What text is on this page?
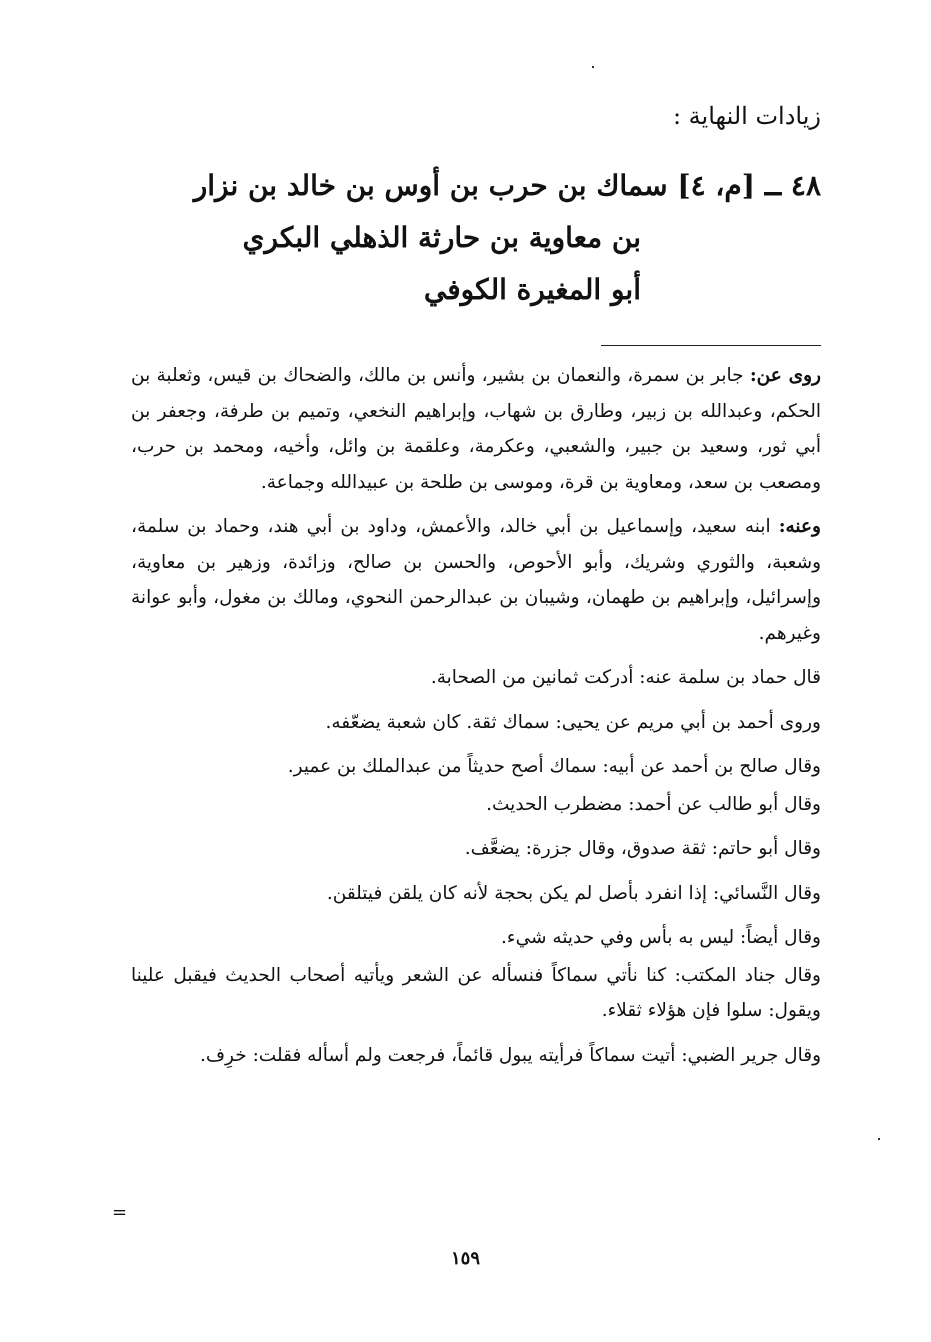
زيادات النهاية :
٤٨ ــ [م، ٤] سماك بن حرب بن أوس بن خالد بن نزار
بن معاوية بن حارثة الذهلي البكري
أبو المغيرة الكوفي

روى عن: جابر بن سمرة، والنعمان بن بشير، وأنس بن مالك، والضحاك بن قيس، وثعلبة بن الحكم، وعبدالله بن زبير، وطارق بن شهاب، وإبراهيم النخعي، وتميم بن طرفة، وجعفر بن أبي ثور، وسعيد بن جبير، والشعبي، وعكرمة، وعلقمة بن وائل، وأخيه، ومحمد بن حرب، ومصعب بن سعد، ومعاوية بن قرة، وموسى بن طلحة بن عبيدالله وجماعة.

وعنه: ابنه سعيد، وإسماعيل بن أبي خالد، والأعمش، وداود بن أبي هند، وحماد بن سلمة، وشعبة، والثوري وشريك، وأبو الأحوص، والحسن بن صالح، وزائدة، وزهير بن معاوية، وإسرائيل، وإبراهيم بن طهمان، وشيبان بن عبدالرحمن النحوي، ومالك بن مغول، وأبو عوانة وغيرهم.

قال حماد بن سلمة عنه: أدركت ثمانين من الصحابة.

وروى أحمد بن أبي مريم عن يحيى: سماك ثقة. كان شعبة يضعّفه.

وقال صالح بن أحمد عن أبيه: سماك أصح حديثاً من عبدالملك بن عمير.

وقال أبو طالب عن أحمد: مضطرب الحديث.

وقال أبو حاتم: ثقة صدوق، وقال جزرة: يضعَّف.

وقال النَّسائي: إذا انفرد بأصل لم يكن بحجة لأنه كان يلقن فيتلقن.

وقال أيضاً: ليس به بأس وفي حديثه شيء.

وقال جناد المكتب: كنا نأتي سماكاً فنسأله عن الشعر ويأتيه أصحاب الحديث فيقبل علينا ويقول: سلوا فإن هؤلاء ثقلاء.

وقال جرير الضبي: أتيت سماكاً فرأيته يبول قائماً، فرجعت ولم أسأله فقلت: خرِف.

=
١٥٩
